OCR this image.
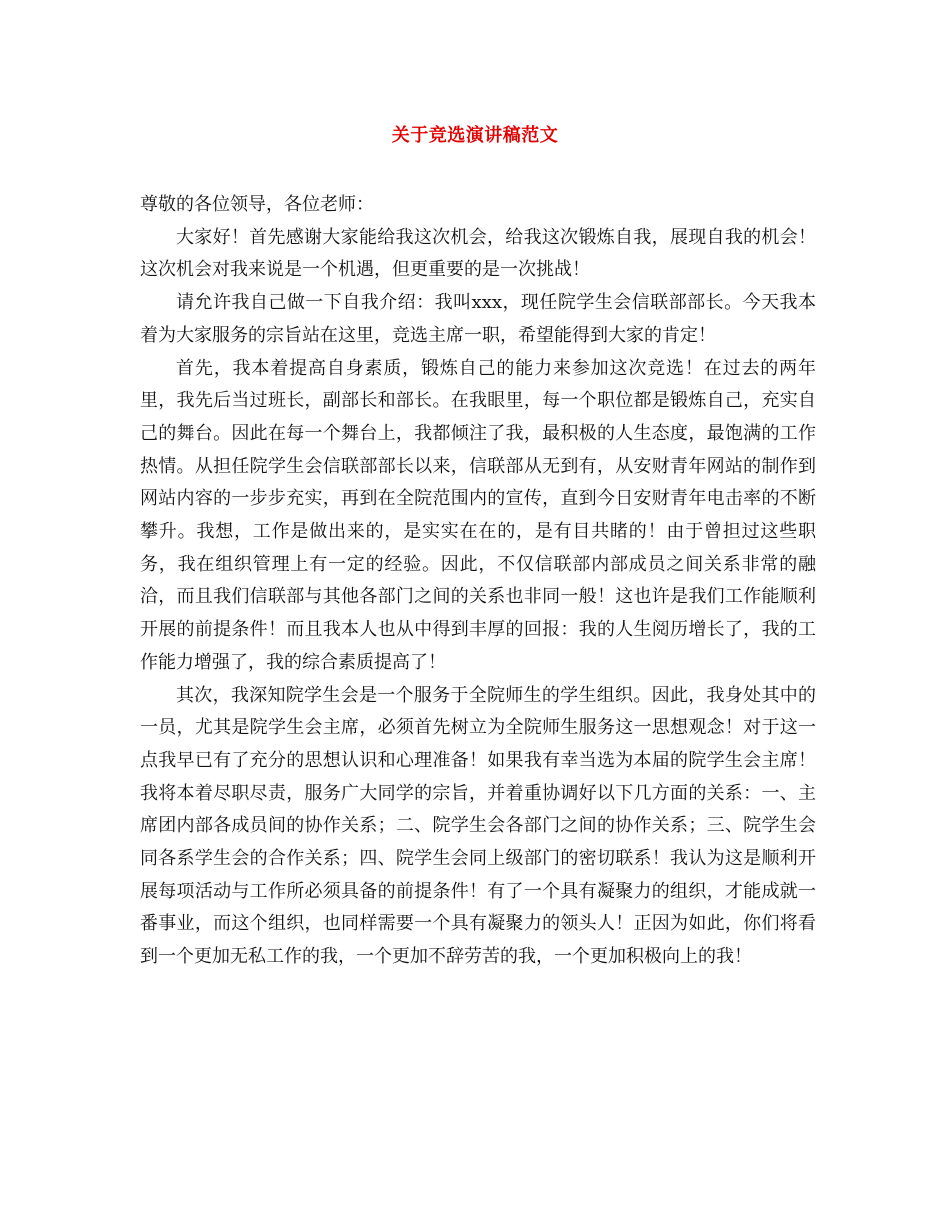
关于竞选演讲稿范文

尊敬的各位领导，各位老师：

大家好！首先感谢大家能给我这次机会，给我这次锻炼自我，展现自我的机会！这次机会对我来说是一个机遇，但更重要的是一次挑战！

请允许我自己做一下自我介绍：我叫xxx，现任院学生会信联部部长。今天我本着为大家服务的宗旨站在这里，竞选主席一职，希望能得到大家的肯定！

首先，我本着提高自身素质，锻炼自己的能力来参加这次竞选！在过去的两年里，我先后当过班长，副部长和部长。在我眼里，每一个职位都是锻炼自己，充实自己的舞台。因此在每一个舞台上，我都倾注了我，最积极的人生态度，最饱满的工作热情。从担任院学生会信联部部长以来，信联部从无到有，从安财青年网站的制作到网站内容的一步步充实，再到在全院范围内的宣传，直到今日安财青年电击率的不断攀升。我想，工作是做出来的，是实实在在的，是有目共睹的！由于曾担过这些职务，我在组织管理上有一定的经验。因此，不仅信联部内部成员之间关系非常的融洽，而且我们信联部与其他各部门之间的关系也非同一般！这也许是我们工作能顺利开展的前提条件！而且我本人也从中得到丰厚的回报：我的人生阅历增长了，我的工作能力增强了，我的综合素质提高了！

其次，我深知院学生会是一个服务于全院师生的学生组织。因此，我身处其中的一员，尤其是院学生会主席，必须首先树立为全院师生服务这一思想观念！对于这一点我早已有了充分的思想认识和心理准备！如果我有幸当选为本届的院学生会主席！我将本着尽职尽责，服务广大同学的宗旨，并着重协调好以下几方面的关系：一、主席团内部各成员间的协作关系；二、院学生会各部门之间的协作关系；三、院学生会同各系学生会的合作关系；四、院学生会同上级部门的密切联系！我认为这是顺利开展每项活动与工作所必须具备的前提条件！有了一个具有凝聚力的组织，才能成就一番事业，而这个组织，也同样需要一个具有凝聚力的领头人！正因为如此，你们将看到一个更加无私工作的我，一个更加不辞劳苦的我，一个更加积极向上的我！
